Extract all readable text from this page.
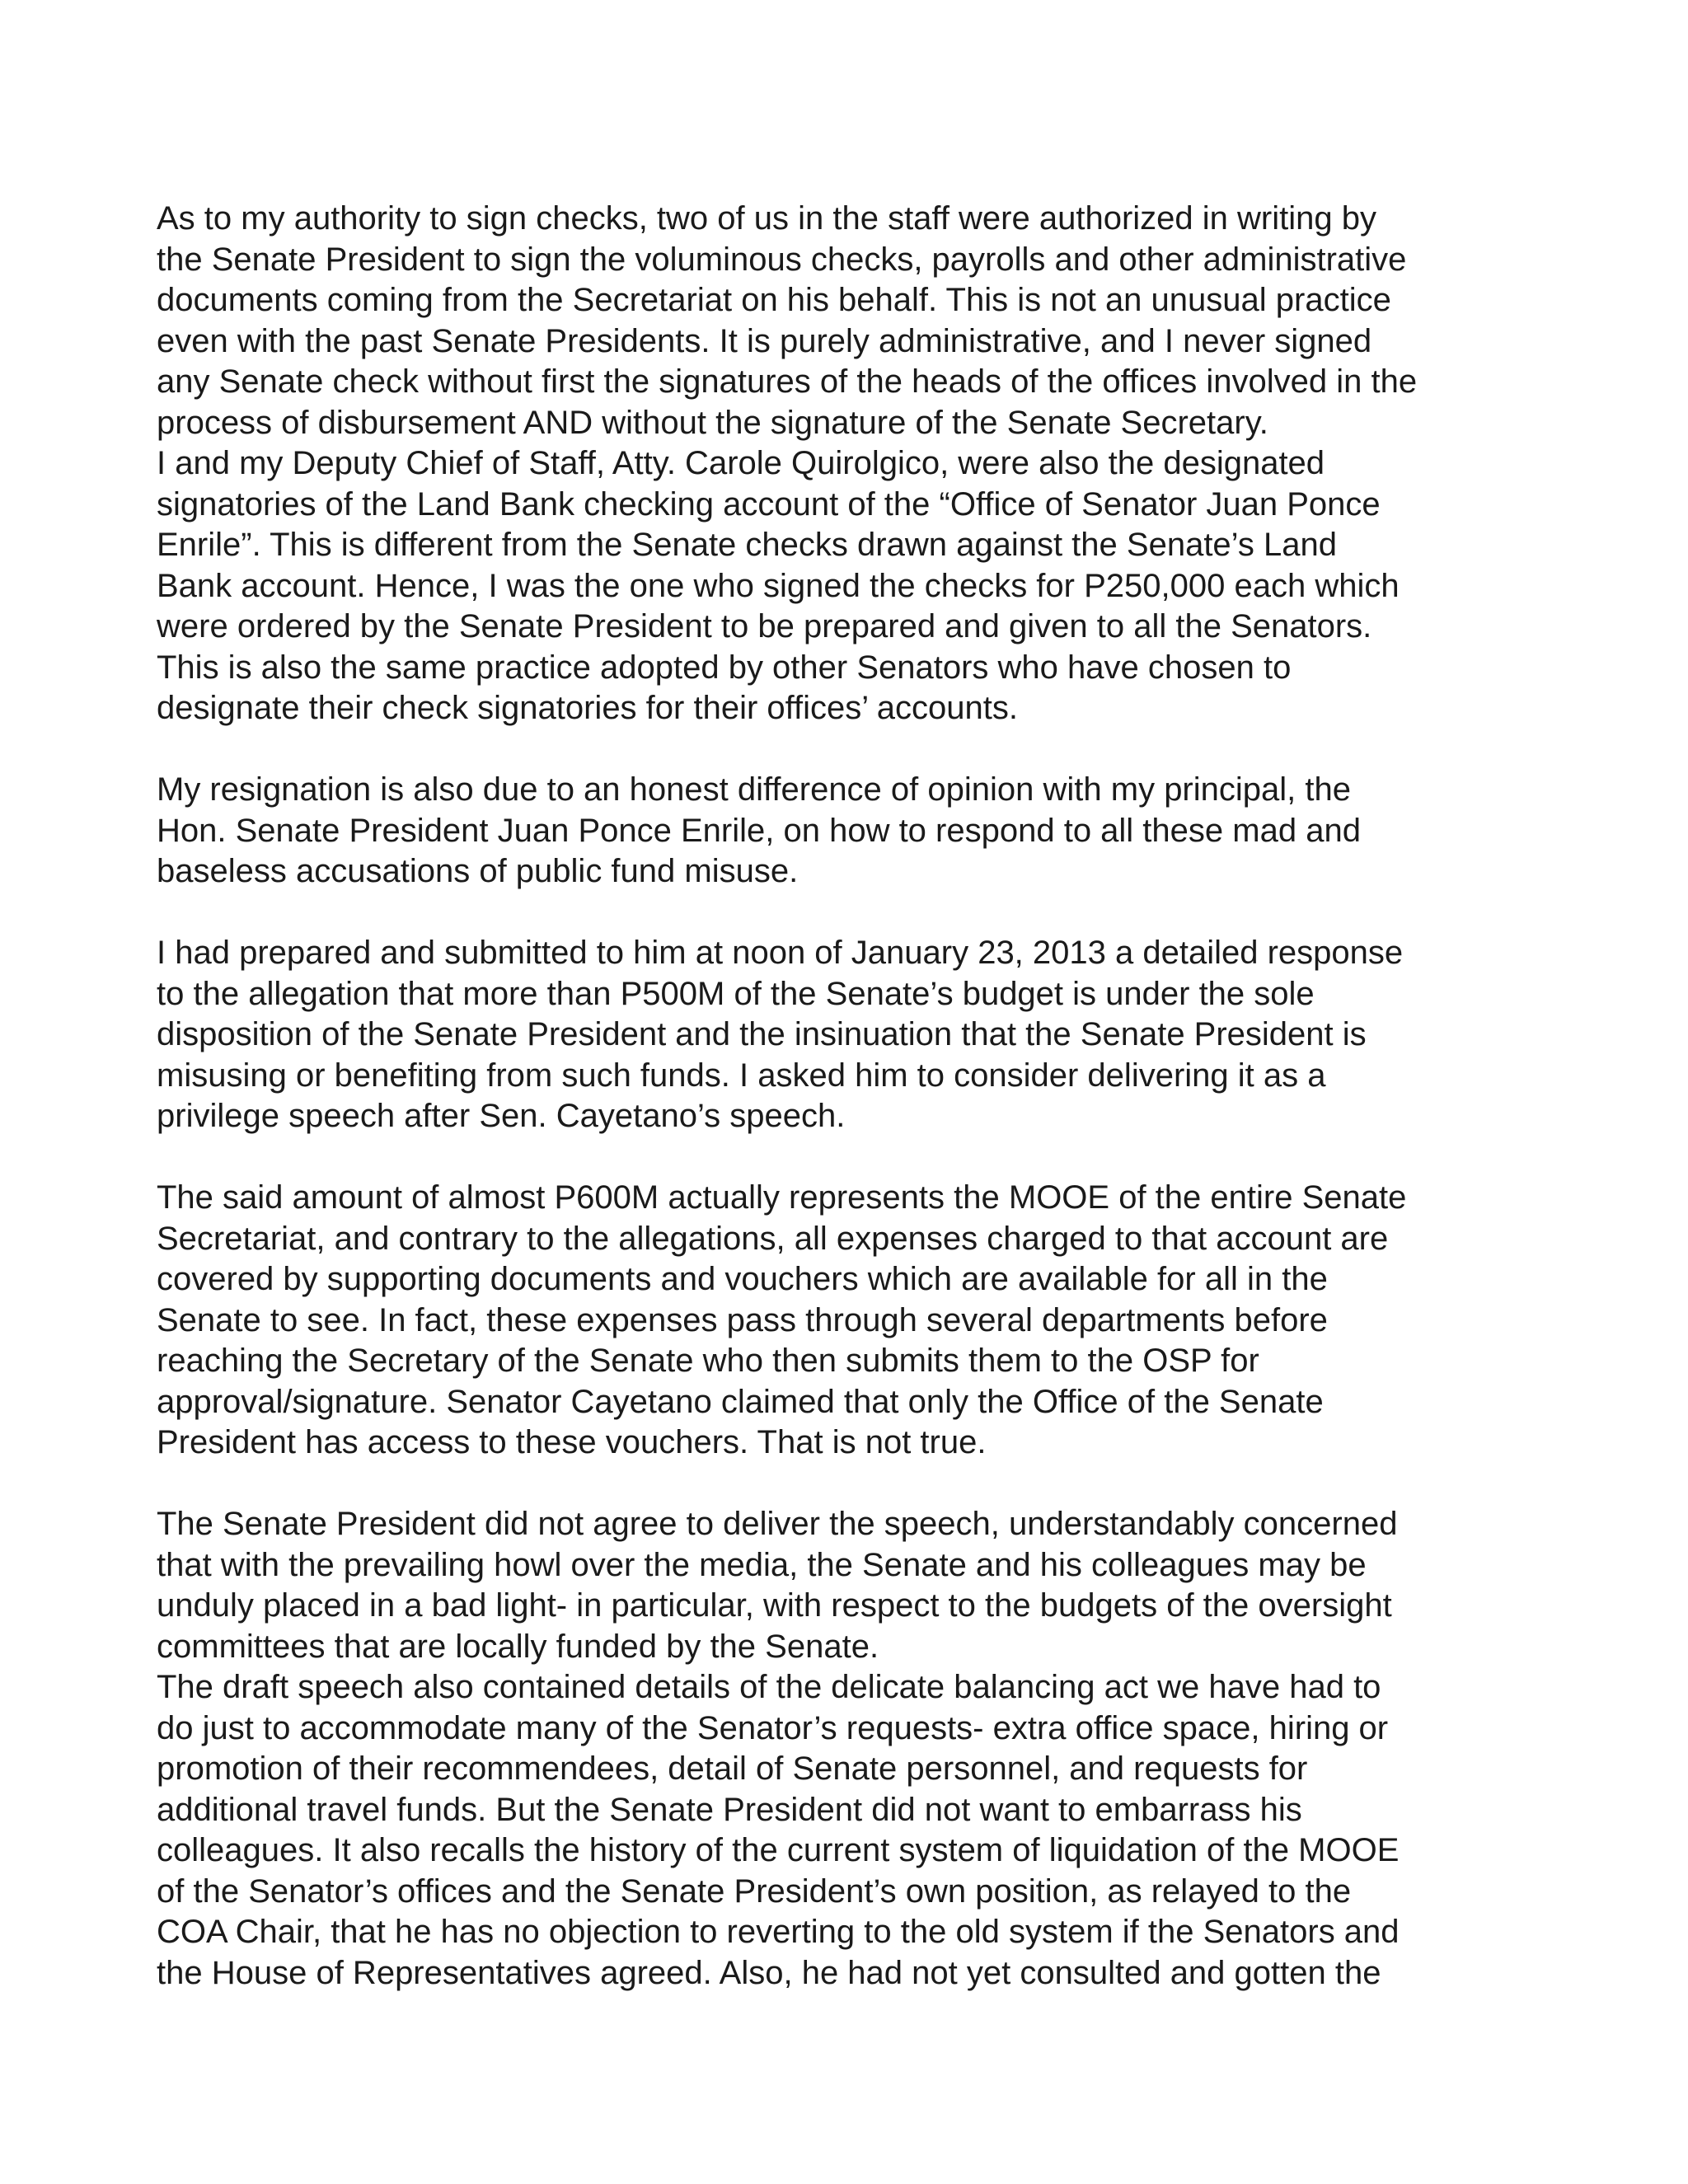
As to my authority to sign checks, two of us in the staff were authorized in writing by
the Senate President to sign the voluminous checks, payrolls and other administrative
documents coming from the Secretariat on his behalf. This is not an unusual practice
even with the past Senate Presidents. It is purely administrative, and I never signed
any Senate check without first the signatures of the heads of the offices involved in the
process of disbursement AND without the signature of the Senate Secretary.
I and my Deputy Chief of Staff, Atty. Carole Quirolgico, were also the designated
signatories of the Land Bank checking account of the “Office of Senator Juan Ponce
Enrile”. This is different from the Senate checks drawn against the Senate’s Land
Bank account. Hence, I was the one who signed the checks for P250,000 each which
were ordered by the Senate President to be prepared and given to all the Senators.
This is also the same practice adopted by other Senators who have chosen to
designate their check signatories for their offices’ accounts.
My resignation is also due to an honest difference of opinion with my principal, the
Hon. Senate President Juan Ponce Enrile, on how to respond to all these mad and
baseless accusations of public fund misuse.
I had prepared and submitted to him at noon of January 23, 2013 a detailed response
to the allegation that more than P500M of the Senate’s budget is under the sole
disposition of the Senate President and the insinuation that the Senate President is
misusing or benefiting from such funds. I asked him to consider delivering it as a
privilege speech after Sen. Cayetano’s speech.
The said amount of almost P600M actually represents the MOOE of the entire Senate
Secretariat, and contrary to the allegations, all expenses charged to that account are
covered by supporting documents and vouchers which are available for all in the
Senate to see. In fact, these expenses pass through several departments before
reaching the Secretary of the Senate who then submits them to the OSP for
approval/signature. Senator Cayetano claimed that only the Office of the Senate
President has access to these vouchers. That is not true.
The Senate President did not agree to deliver the speech, understandably concerned
that with the prevailing howl over the media, the Senate and his colleagues may be
unduly placed in a bad light- in particular, with respect to the budgets of the oversight
committees that are locally funded by the Senate.
The draft speech also contained details of the delicate balancing act we have had to
do just to accommodate many of the Senator’s requests- extra office space, hiring or
promotion of their recommendees, detail of Senate personnel, and requests for
additional travel funds. But the Senate President did not want to embarrass his
colleagues. It also recalls the history of the current system of liquidation of the MOOE
of the Senator’s offices and the Senate President’s own position, as relayed to the
COA Chair, that he has no objection to reverting to the old system if the Senators and
the House of Representatives agreed. Also, he had not yet consulted and gotten the
